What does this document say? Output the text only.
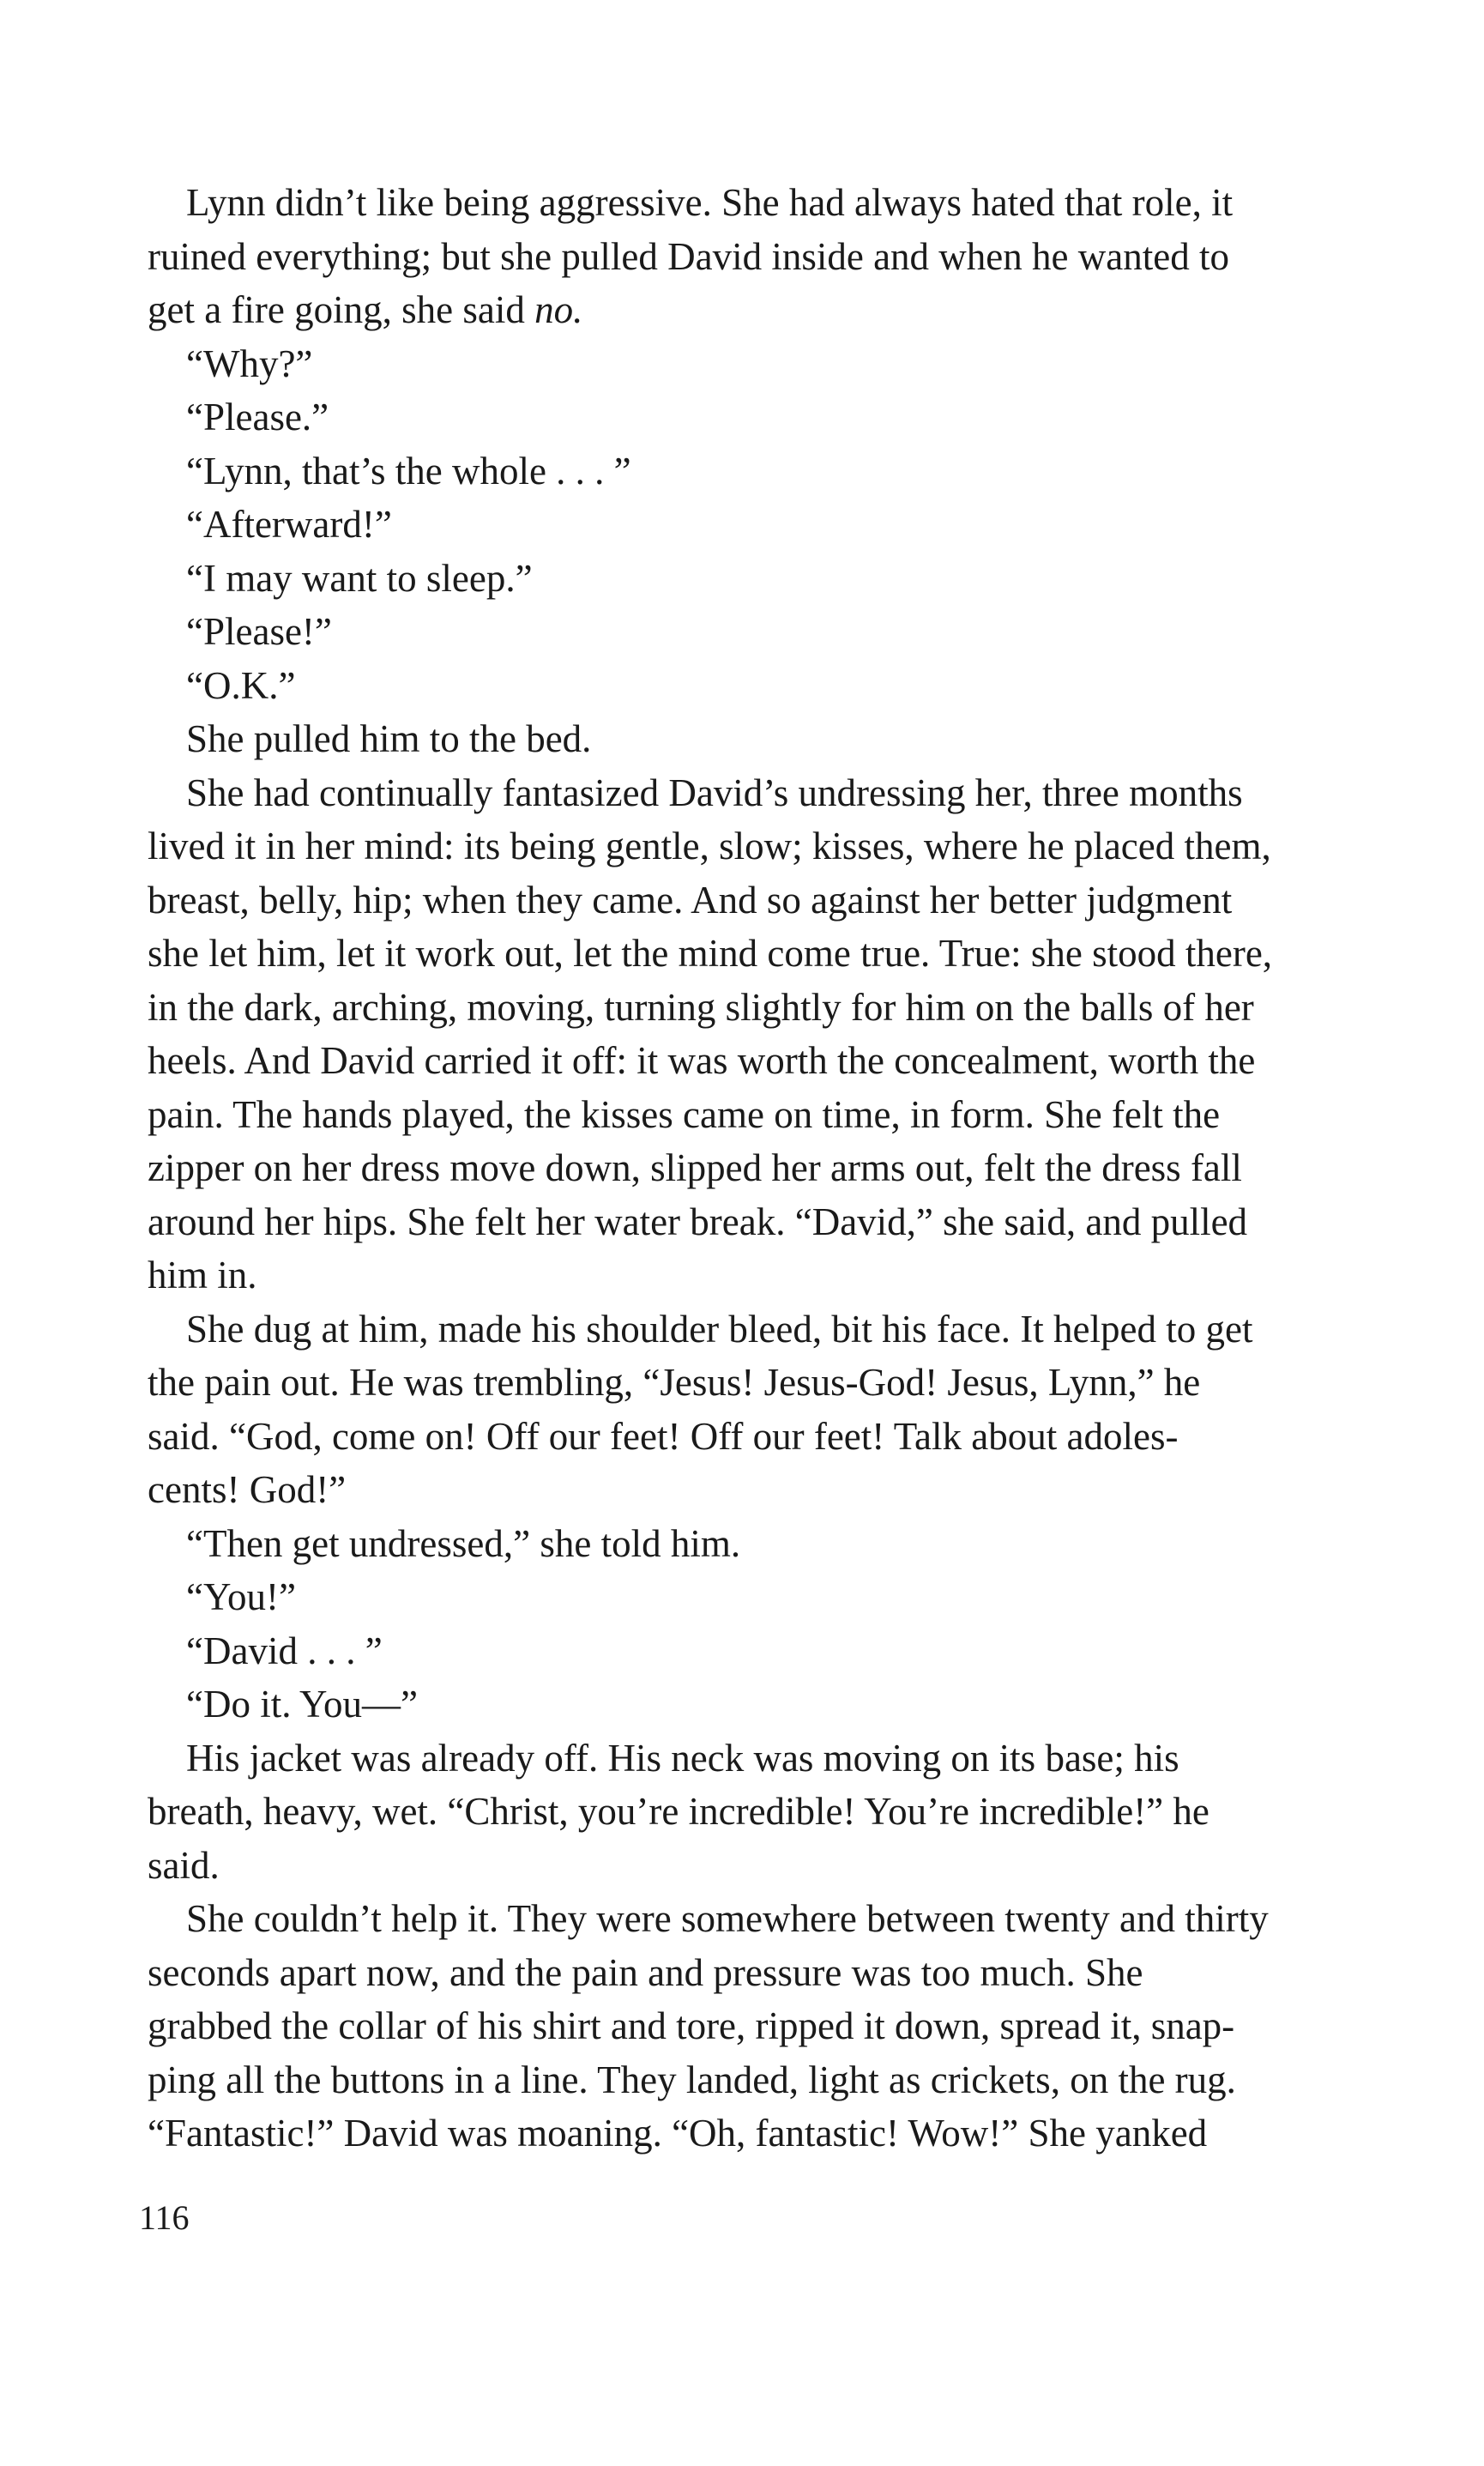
Lynn didn’t like being aggressive. She had always hated that role, it
ruined everything; but she pulled David inside and when he wanted to
get a fire going, she said no.
“Why?”
“Please.”
“Lynn, that’s the whole . . . ”
“Afterward!”
“I may want to sleep.”
“Please!”
“O.K.”
She pulled him to the bed.
She had continually fantasized David’s undressing her, three months
lived it in her mind: its being gentle, slow; kisses, where he placed them,
breast, belly, hip; when they came. And so against her better judgment
she let him, let it work out, let the mind come true. True: she stood there,
in the dark, arching, moving, turning slightly for him on the balls of her
heels. And David carried it off: it was worth the concealment, worth the
pain. The hands played, the kisses came on time, in form. She felt the
zipper on her dress move down, slipped her arms out, felt the dress fall
around her hips. She felt her water break. “David,” she said, and pulled
him in.
She dug at him, made his shoulder bleed, bit his face. It helped to get
the pain out. He was trembling, “Jesus! Jesus-God! Jesus, Lynn,” he
said. “God, come on! Off our feet! Off our feet! Talk about adoles-
cents! God!”
“Then get undressed,” she told him.
“You!”
“David . . . ”
“Do it. You—”
His jacket was already off. His neck was moving on its base; his
breath, heavy, wet. “Christ, you’re incredible! You’re incredible!” he
said.
She couldn’t help it. They were somewhere between twenty and thirty
seconds apart now, and the pain and pressure was too much. She
grabbed the collar of his shirt and tore, ripped it down, spread it, snap-
ping all the buttons in a line. They landed, light as crickets, on the rug.
“Fantastic!” David was moaning. “Oh, fantastic! Wow!” She yanked
116
